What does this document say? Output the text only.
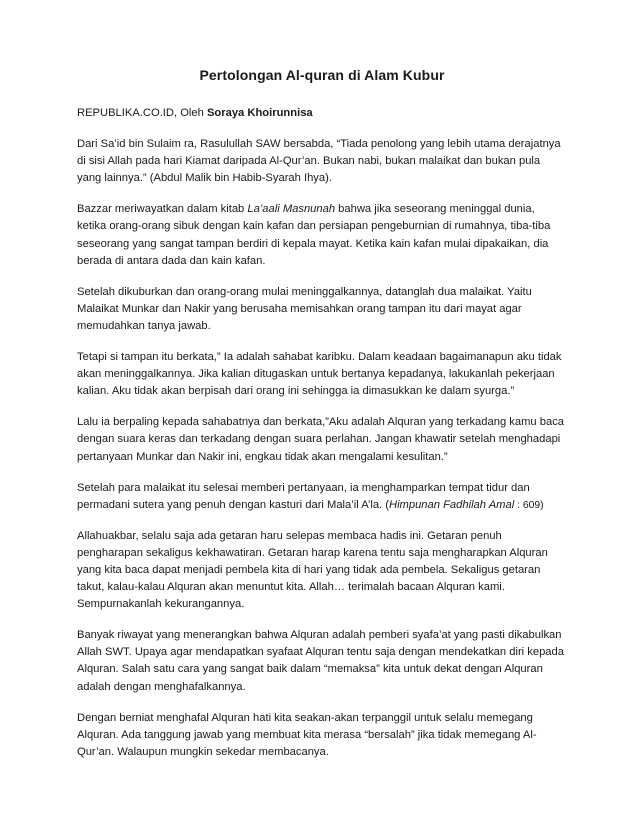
Pertolongan Al-quran di Alam Kubur
REPUBLIKA.CO.ID, Oleh Soraya Khoirunnisa

Dari Sa’id bin Sulaim ra, Rasulullah SAW bersabda, “Tiada penolong yang lebih utama derajatnya di sisi Allah pada hari Kiamat daripada Al-Qur’an. Bukan nabi, bukan malaikat dan bukan pula yang lainnya.” (Abdul Malik bin Habib-Syarah Ihya).

Bazzar meriwayatkan dalam kitab La’aali Masnunah bahwa jika seseorang meninggal dunia, ketika orang-orang sibuk dengan kain kafan dan persiapan pengeburnian di rumahnya, tiba-tiba seseorang yang sangat tampan berdiri di kepala mayat. Ketika kain kafan mulai dipakaikan, dia berada di antara dada dan kain kafan.

Setelah dikuburkan dan orang-orang mulai meninggalkannya, datanglah dua malaikat. Yaitu Malaikat Munkar dan Nakir yang berusaha memisahkan orang tampan itu dari mayat agar memudahkan tanya jawab.

Tetapi si tampan itu berkata,” Ia adalah sahabat karibku. Dalam keadaan bagaimanapun aku tidak akan meninggalkannya. Jika kalian ditugaskan untuk bertanya kepadanya, lakukanlah pekerjaan kalian. Aku tidak akan berpisah dari orang ini sehingga ia dimasukkan ke dalam syurga.”

Lalu ia berpaling kepada sahabatnya dan berkata,”Aku adalah Alquran yang terkadang kamu baca dengan suara keras dan terkadang dengan suara perlahan. Jangan khawatir setelah menghadapi pertanyaan Munkar dan Nakir ini, engkau tidak akan mengalami kesulitan.”

Setelah para malaikat itu selesai memberi pertanyaan, ia menghamparkan tempat tidur dan permadani sutera yang penuh dengan kasturi dari Mala’il A’la. (Himpunan Fadhilah Amal : 609)

Allahuakbar, selalu saja ada getaran haru selepas membaca hadis ini. Getaran penuh pengharapan sekaligus kekhawatiran. Getaran harap karena tentu saja mengharapkan Alquran yang kita baca dapat menjadi pembela kita di hari yang tidak ada pembela. Sekaligus getaran takut, kalau-kalau Alquran akan menuntut kita. Allah… terimalah bacaan Alquran kami. Sempurnakanlah kekurangannya.

Banyak riwayat yang menerangkan bahwa Alquran adalah pemberi syafa’at yang pasti dikabulkan Allah SWT. Upaya agar mendapatkan syafaat Alquran tentu saja dengan mendekatkan diri kepada Alquran. Salah satu cara yang sangat baik dalam “memaksa” kita untuk dekat dengan Alquran adalah dengan menghafalkannya.

Dengan berniat menghafal Alquran hati kita seakan-akan terpanggil untuk selalu memegang Alquran. Ada tanggung jawab yang membuat kita merasa “bersalah” jika tidak memegang Al-Qur’an. Walaupun mungkin sekedar membacanya.
